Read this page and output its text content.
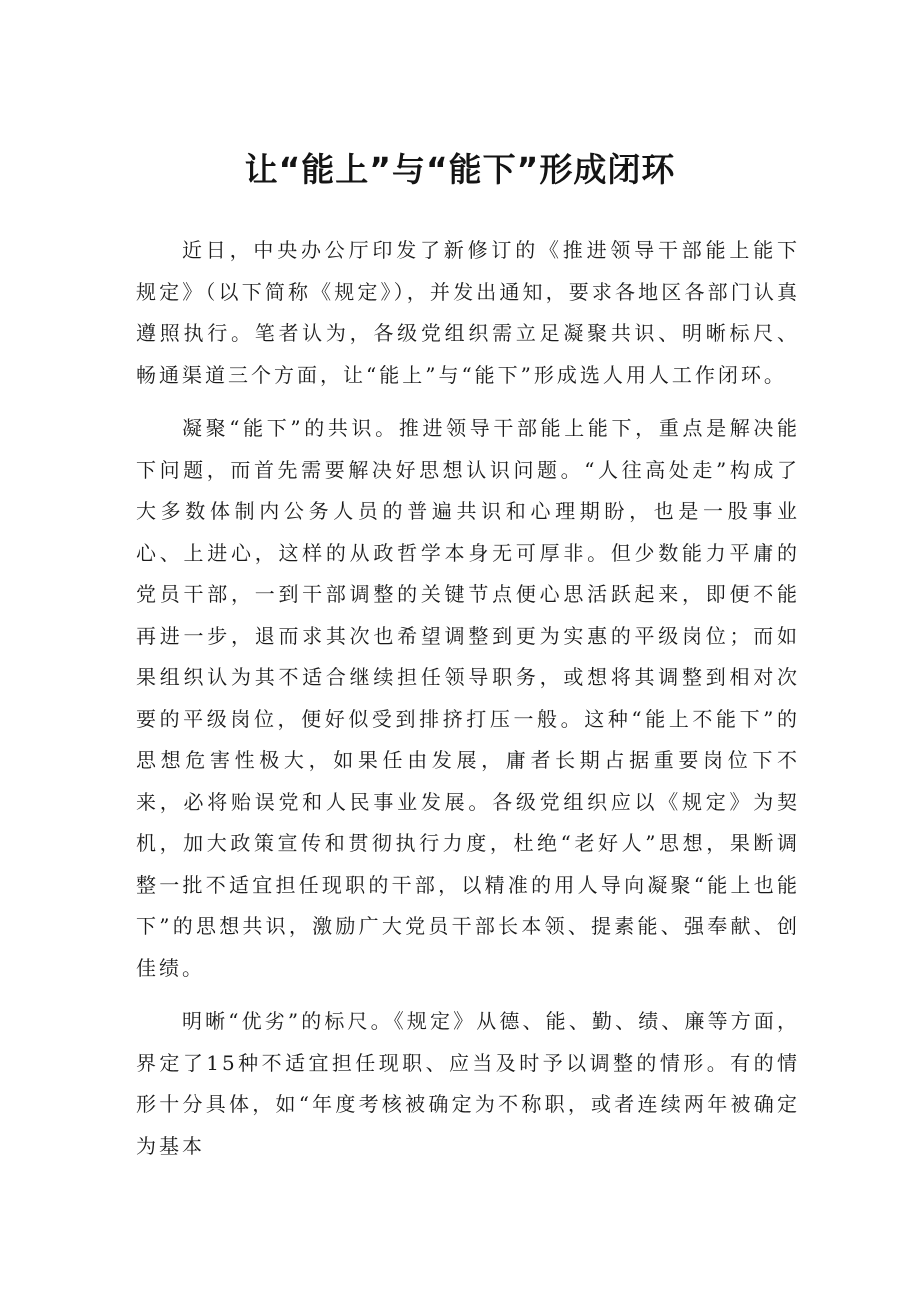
让“能上”与“能下”形成闭环

近日，中央办公厅印发了新修订的《推进领导干部能上能下规定》（以下简称《规定》），并发出通知，要求各地区各部门认真遵照执行。笔者认为，各级党组织需立足凝聚共识、明晰标尺、畅通渠道三个方面，让“能上”与“能下”形成选人用人工作闭环。

凝聚“能下”的共识。推进领导干部能上能下，重点是解决能下问题，而首先需要解决好思想认识问题。“人往高处走”构成了大多数体制内公务人员的普遍共识和心理期盼，也是一股事业心、上进心，这样的从政哲学本身无可厚非。但少数能力平庸的党员干部，一到干部调整的关键节点便心思活跃起来，即便不能再进一步，退而求其次也希望调整到更为实惠的平级岗位；而如果组织认为其不适合继续担任领导职务，或想将其调整到相对次要的平级岗位，便好似受到排挤打压一般。这种“能上不能下”的思想危害性极大，如果任由发展，庸者长期占据重要岗位下不来，必将贻误党和人民事业发展。各级党组织应以《规定》为契机，加大政策宣传和贯彻执行力度，杜绝“老好人”思想，果断调整一批不适宜担任现职的干部，以精准的用人导向凝聚“能上也能下”的思想共识，激励广大党员干部长本领、提素能、强奉献、创佳绩。

明晰“优劣”的标尺。《规定》从德、能、勤、绩、廉等方面，界定了15种不适宜担任现职、应当及时予以调整的情形。有的情形十分具体，如“年度考核被确定为不称职，或者连续两年被确定为基本
